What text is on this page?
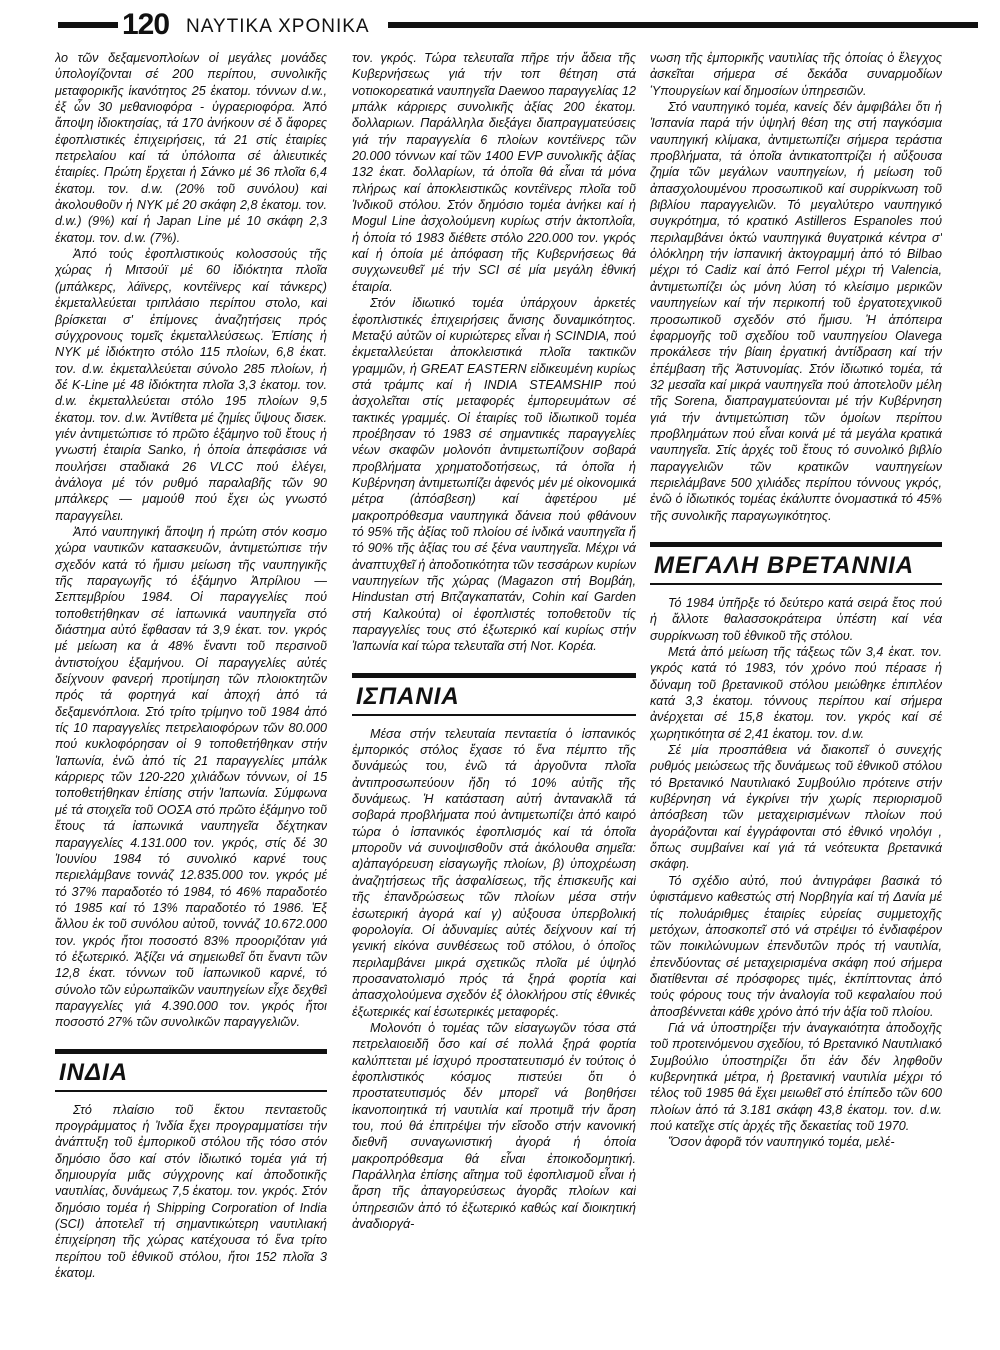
120 ΝΑΥΤΙΚΑ ΧΡΟΝΙΚΑ

λο τῶν δεξαμενοπλοίων οἱ μεγάλες μονάδες ὑπολογίζονται σέ 200 περίπου, συνολικῆς μεταφορικῆς ἱκανότητος 25 ἑκατομ. τόννων d.w., ἐξ ὧν 30 μεθανιοφόρα - ὑγραεριοφόρα. Ἀπό ἄποψη ἰδιοκτησίας, τά 170 ἀνήκουν σέ δ ἄφορες ἐφοπλιστικές ἐπιχειρήσεις, τά 21 στίς ἑταιρίες πετρελαίου καί τά ὑπόλοιπα σέ ἁλιευτικές ἑταιρίες. Πρώτη ἔρχεται ἡ Σάνκο μέ 36 πλοῖα 6,4 ἑκατομ. τον. d.w. (20% τοῦ συνόλου) καί ἀκολουθοῦν ἡ NYK μέ 20 σκάφη 2,8 ἑκατομ. τον. d.w.) (9%) καί ἡ Japan Line μέ 10 σκάφη 2,3 ἑκατομ. τον. d.w. (7%).

Ἀπό τούς ἐφοπλιστικούς κολοσσούς τῆς χώρας ἡ Μιτσούϊ μέ 60 ἰδιόκτητα πλοῖα (μπάλκερς, λάϊνερς, κοντέϊνερς καί τάνκερς) ἐκμεταλλεύεται τριπλάσιο περίπου στολο, καί βρίσκεται σ' ἐπίμονες ἀναζητήσεις πρός σύγχρονους τομεῖς ἐκμεταλλεύσεως. Ἐπίσης ἡ NYK μέ ἰδιόκτητο στόλο 115 πλοίων, 6,8 ἑκατ. τον. d.w. ἐκμεταλλεύεται σύνολο 285 πλοίων, ἡ δέ K-Line μέ 48 ἰδιόκτητα πλοῖα 3,3 ἑκατομ. τον. d.w. ἐκμεταλλεύεται στόλο 195 πλοίων 9,5 ἑκατομ. τον. d.w. Ἀντίθετα μέ ζημίες ὕψους δισεκ. γιέν ἀντιμετώπισε τό πρῶτο ἑξάμηνο τοῦ ἔτους ἡ γνωστή ἑταιρία Sanko, ἡ ὁποία ἀπεφάσισε νά πουλήσει σταδιακά 26 VLCC πού ἐλέγει, ἀνάλογα μέ τόν ρυθμό παραλαβῆς τῶν 90 μπάλκερς — μαμούθ πού ἔχει ὡς γνωστό παραγγείλει.

Ἀπό ναυπηγική ἄποψη ἡ πρώτη στόν κοσμο χώρα ναυτικῶν κατασκευῶν, ἀντιμετώπισε τήν σχεδόν κατά τό ἥμισυ μείωση τῆς ναυπηγικῆς τῆς παραγωγῆς τό ἑξάμηνο Ἀπρίλιου — Σεπτεμβρίου 1984. Οἱ παραγγελίες πού τοποθετήθηκαν σέ ἰαπωνικά ναυπηγεῖα στό διάστημα αὐτό ἔφθασαν τά 3,9 ἑκατ. τον. γκρός μέ μείωση κα ἁ 48% ἔναντι τοῦ περσινοῦ ἀντιστοίχου ἑξαμήνου. Οἱ παραγγελίες αὐτές δείχνουν φανερή προτίμηση τῶν πλοιοκτητῶν πρός τά φορτηγά καί ἀποχή ἀπό τά δεξαμενόπλοια. Στό τρίτο τρίμηνο τοῦ 1984 ἀπό τίς 10 παραγγελίες πετρελαιοφόρων τῶν 80.000 πού κυκλοφόρησαν οἱ 9 τοποθετήθηκαν στήν Ἰαπωνία, ἐνῶ ἀπό τίς 21 παραγγελίες μπάλκ κάρριερς τῶν 120-220 χιλιάδων τόννων, οἱ 15 τοποθετήθηκαν ἐπίσης στήν Ἰαπωνία. Σύμφωνα μέ τά στοιχεῖα τοῦ ΟΟΣΑ στό πρῶτο ἑξάμηνο τοῦ ἔτους τά ἰαπωνικά ναυπηγεῖα δέχτηκαν παραγγελίες 4.131.000 τον. γκρός, στίς δέ 30 Ἰουνίου 1984 τό συνολικό καρνέ τους περιελάμβανε τοννάζ 12.835.000 τον. γκρός μέ τό 37% παραδοτέο τό 1984, τό 46% παραδοτέο τό 1985 καί τό 13% παραδοτέο τό 1986. Ἐξ ἄλλου ἐκ τοῦ συνόλου αὐτοῦ, τοννάζ 10.672.000 τον. γκρός ἤτοι ποσοστό 83% προοριζόταν γιά τό ἐξωτερικό. Ἀξίζει νά σημειωθεῖ ὅτι ἔναντι τῶν 12,8 ἑκατ. τόννων τοῦ ἰαπωνικοῦ καρνέ, τό σύνολο τῶν εὐρωπαϊκῶν ναυπηγείων εἶχε δεχθεῖ παραγγελίες γιά 4.390.000 τον. γκρός ἤτοι ποσοστό 27% τῶν συνολικῶν παραγγελιῶν.

ΙΝΔΙΑ

Στό πλαίσιο τοῦ ἕκτου πενταετοῦς προγράμματος ἡ Ἰνδία ἔχει προγραμματίσει τήν ἀνάπτυξη τοῦ ἐμπορικοῦ στόλου τῆς τόσο στόν δημόσιο ὅσο καί στόν ἰδιωτικό τομέα γιά τή δημιουργία μιᾶς σύγχρονης καί ἀποδοτικῆς ναυτιλίας, δυνάμεως 7,5 ἑκατομ. τον. γκρός. Στόν δημόσιο τομέα ἡ Shipping Corporation of India (SCI) ἀποτελεῖ τή σημαντικώτερη ναυτιλιακή ἐπιχείρηση τῆς χώρας κατέχουσα τό ἕνα τρίτο περίπου τοῦ ἐθνικοῦ στόλου, ἤτοι 152 πλοῖα 3 ἑκατομ.

τον. γκρός. Τώρα τελευταῖα πῆρε τήν ἄδεια τῆς Κυβερνήσεως γιά τήν τοπ θέτηση στά νοτιοκορεατικά ναυπηγεῖα Daewoo παραγγελίας 12 μπάλκ κάρριερς συνολικῆς ἀξίας 200 ἑκατομ. δολλαριων. Παράλληλα διεξάγει διαπραγματεύσεις γιά τήν παραγγελία 6 πλοίων κοντέϊνερς τῶν 20.000 τόννων καί τῶν 1400 EVP συνολικῆς ἀξίας 132 ἑκατ. δολλαρίων, τά ὁποῖα θά εἶναι τά μόνα πλήρως καί ἀποκλειστικῶς κοντέϊνερς πλοῖα τοῦ Ἰνδικοῦ στόλου. Στόν δημόσιο τομέα ἀνήκει καί ἡ Mogul Line ἀσχολούμενη κυρίως στήν ἀκτοπλοΐα, ἡ ὁποία τό 1983 διέθετε στόλο 220.000 τον. γκρός καί ἡ ὁποία μέ ἀπόφαση τῆς Κυβερνήσεως θά συγχωνευθεῖ μέ τήν SCI σέ μία μεγάλη ἐθνική ἑταιρία.

Στόν ἰδιωτικό τομέα ὑπάρχουν ἀρκετές ἐφοπλιστικές ἐπιχειρήσεις ἄνισης δυναμικότητος. Μεταξύ αὐτῶν οἱ κυριώτερες εἶναι ἡ SCINDIA, πού ἐκμεταλλεύεται ἀποκλειστικά πλοῖα τακτικῶν γραμμῶν, ἡ GREAT EASTERN εἰδικευμένη κυρίως στά τράμπς καί ἡ INDIA STEAMSHIP πού ἀσχολεῖται στίς μεταφορές ἐμπορευμάτων σέ τακτικές γραμμές. Οἱ ἑταιρίες τοῦ ἰδιωτικοῦ τομέα προέβησαν τό 1983 σέ σημαντικές παραγγελίες νέων σκαφῶν μολονότι ἀντιμετωπίζουν σοβαρά προβλήματα χρηματοδοτήσεως, τά ὁποῖα ἡ Κυβέρνηση ἀντιμετωπίζει ἀφενός μέν μέ οἰκονομικά μέτρα (ἀπόσβεση) καί ἀφετέρου μέ μακροπρόθεσμα ναυπηγικά δάνεια πού φθάνουν τό 95% τῆς ἀξίας τοῦ πλοίου σέ ἰνδικά ναυπηγεῖα ἤ τό 90% τῆς ἀξίας του σέ ξένα ναυπηγεῖα. Μέχρι νά ἀναπτυχθεῖ ἡ ἀποδοτικότητα τῶν τεσσάρων κυρίων ναυπηγείων τῆς χώρας (Magazon στή Βομβάη, Hindustan στή Βιτζαγκαπατάν, Cohin καί Garden στή Καλκούτα) οἱ ἐφοπλιστές τοποθετοῦν τίς παραγγελίες τους στό ἐξωτερικό καί κυρίως στήν Ἰαπωνία καί τώρα τελευταῖα στή Νοτ. Κορέα.

ΙΣΠΑΝΙΑ

Μέσα στήν τελευταία πενταετία ὁ ἰσπανικός ἐμπορικός στόλος ἔχασε τό ἕνα πέμπτο τῆς δυνάμεώς του, ἐνῶ τά ἀργοῦντα πλοῖα ἀντιπροσωπεύουν ἤδη τό 10% αὐτῆς τῆς δυνάμεως. Ἡ κατάσταση αὐτή ἀντανακλᾶ τά σοβαρά προβλήματα πού ἀντιμετωπίζει ἀπό καιρό τώρα ὁ ἰσπανικός ἐφοπλισμός καί τά ὁποῖα μποροῦν νά συνοψισθοῦν στά ἀκόλουθα σημεῖα: α)ἀπαγόρευση εἰσαγωγῆς πλοίων, β) ὑποχρέωση ἀναζητήσεως τῆς ἀσφαλίσεως, τῆς ἐπισκευῆς καί τῆς ἐπανδρώσεως τῶν πλοίων μέσα στήν ἐσωτερική ἀγορά καί γ) αὐξουσα ὑπερβολική φορολογία. Οἱ ἀδυναμίες αὐτές δείχνουν καί τή γενική εἰκόνα συνθέσεως τοῦ στόλου, ὁ ὁποῖος περιλαμβάνει μικρά σχετικῶς πλοῖα μέ ὑψηλό προσανατολισμό πρός τά ξηρά φορτία καί ἀπασχολούμενα σχεδόν ἐξ ὁλοκλήρου στίς ἐθνικές ἐξωτερικές καί ἐσωτερικές μεταφορές.

Μολονότι ὁ τομέας τῶν εἰσαγωγῶν τόσα στά πετρελαιοειδῆ ὅσο καί σέ πολλά ξηρά φορτία καλύπτεται μέ ἰσχυρό προστατευτισμό ἐν τούτοις ὁ ἐφοπλιστικός κόσμος πιστεύει ὅτι ὁ προστατευτισμός δέν μπορεῖ νά βοηθήσει ἱκανοποιητικά τή ναυτιλία καί προτιμᾶ τήν ἄρση του, πού θά ἐπιτρέψει τήν εἴσοδο στήν κανονική διεθνῆ συναγωνιστική ἀγορά ἡ ὁποία μακροπρόθεσμα θά εἶναι ἐποικοδομητική. Παράλληλα ἐπίσης αἴτημα τοῦ ἐφοπλισμοῦ εἶναι ἡ ἄρση τῆς ἀπαγορεύσεως ἀγορᾶς πλοίων καί ὑπηρεσιῶν ἀπό τό ἐξωτερικό καθώς καί διοικητική ἀναδιοργά-

νωση τῆς ἐμπορικῆς ναυτιλίας τῆς ὁποίας ὁ ἔλεγχος ἀσκεῖται σήμερα σέ δεκάδα συναρμοδίων Ὑπουργείων καί δημοσίων ὑπηρεσιῶν.

Στό ναυπηγικό τομέα, κανείς δέν ἀμφιβάλει ὅτι ἡ Ἰσπανία παρά τήν ὑψηλή θέση της στή παγκόσμια ναυπηγική κλίμακα, ἀντιμετωπίζει σήμερα τεράστια προβλήματα, τά ὁποῖα ἀντικατοπτρίζει ἡ αὔξουσα ζημία τῶν μεγάλων ναυπηγείων, ἡ μείωση τοῦ ἀπασχολουμένου προσωπικοῦ καί συρρίκνωση τοῦ βιβλίου παραγγελιῶν. Τό μεγαλύτερο ναυπηγικό συγκρότημα, τό κρατικό Astilleros Espanoles πού περιλαμβάνει ὀκτώ ναυπηγικά θυγατρικά κέντρα σ' ὁλόκληρη τήν ἰσπανική ἀκτογραμμή ἀπό τό Bilbao μέχρι τό Cadiz καί ἀπό Ferrol μέχρι τή Valencia, ἀντιμετωπίζει ὡς μόνη λύση τό κλείσιμο μερικῶν ναυπηγείων καί τήν περικοπή τοῦ ἐργατοτεχνικοῦ προσωπικοῦ σχεδόν στό ἥμισυ. Ἡ ἀπόπειρα ἐφαρμογῆς τοῦ σχεδίου τοῦ ναυπηγείου Olavega προκάλεσε τήν βίαιη ἐργατική ἀντίδραση καί τήν ἐπέμβαση τῆς Ἀστυνομίας. Στόν ἰδιωτικό τομέα, τά 32 μεσαῖα καί μικρά ναυπηγεῖα πού ἀποτελοῦν μέλη τῆς Sorena, διαπραγματεύονται μέ τήν Κυβέρνηση γιά τήν ἀντιμετώπιση τῶν ὁμοίων περίπου προβλημάτων πού εἶναι κοινά μέ τά μεγάλα κρατικά ναυπηγεῖα. Στίς ἀρχές τοῦ ἔτους τό συνολικό βιβλίο παραγγελιῶν τῶν κρατικῶν ναυπηγείων περιελάμβανε 500 χιλιάδες περίπου τόννους γκρός, ἐνῶ ὁ ἰδιωτικός τομέας ἐκάλυπτε ὀνομαστικά τό 45% τῆς συνολικῆς παραγωγικότητος.

ΜΕΓΑΛΗ ΒΡΕΤΑΝΝΙΑ

Τό 1984 ὑπῆρξε τό δεύτερο κατά σειρά ἔτος πού ἡ ἄλλοτε θαλασσοκράτειρα ὑπέστη καί νέα συρρίκνωση τοῦ ἐθνικοῦ τῆς στόλου.

Μετά ἀπό μείωση τῆς τάξεως τῶν 3,4 ἑκατ. τον. γκρός κατά τό 1983, τόν χρόνο πού πέρασε ἡ δύναμη τοῦ βρετανικοῦ στόλου μειώθηκε ἐπιπλέον κατά 3,3 ἑκατομ. τόννους περίπου καί σήμερα ἀνέρχεται σέ 15,8 ἑκατομ. τον. γκρός καί σέ χωρητικότητα σέ 2,41 ἑκατομ. τον. d.w.

Σέ μία προσπάθεια νά διακοπεῖ ὁ συνεχής ρυθμός μειώσεως τῆς δυνάμεως τοῦ ἐθνικοῦ στόλου τό Βρετανικό Ναυτιλιακό Συμβούλιο πρότεινε στήν κυβέρνηση νά ἐγκρίνει τήν χωρίς περιορισμοῦ ἀπόσβεση τῶν μεταχειρισμένων πλοίων πού ἀγοράζονται καί ἐγγράφονται στό ἐθνικό νηολόγι , ὅπως συμβαίνει καί γιά τά νεότευκτα βρετανικά σκάφη.

Τό σχέδιο αὐτό, πού ἀντιγράφει βασικά τό ὑφιστάμενο καθεστώς στή Νορβηγία καί τή Δανία μέ τίς πολυάριθμες ἑταιρίες εὐρείας συμμετοχῆς μετόχων, ἀποσκοπεῖ στό νά στρέψει τό ἐνδιαφέρον τῶν ποικιλώνυμων ἐπενδυτῶν πρός τή ναυτιλία, ἐπενδύοντας σέ μεταχειρισμένα σκάφη πού σήμερα διατίθενται σέ πρόσφορες τιμές, ἐκπίπτοντας ἀπό τούς φόρους τους τήν ἀναλογία τοῦ κεφαλαίου πού ἀποσβέννεται κάθε χρόνο ἀπό τήν ἀξία τοῦ πλοίου.

Γιά νά ὑποστηρίξει τήν ἀναγκαιότητα ἀποδοχῆς τοῦ προτεινόμενου σχεδίου, τό Βρετανικό Ναυτιλιακό Συμβούλιο ὑποστηρίζει ὅτι ἐάν δέν ληφθοῦν κυβερνητικά μέτρα, ἡ βρετανική ναυτιλία μέχρι τό τέλος τοῦ 1985 θά ἔχει μειωθεῖ στό ἐπίπεδο τῶν 600 πλοίων ἀπό τά 3.181 σκάφη 43,8 ἑκατομ. τον. d.w. πού κατεῖχε στίς ἀρχές τῆς δεκαετίας τοῦ 1970.

Ὅσον ἀφορᾶ τόν ναυπηγικό τομέα, μελέ-
